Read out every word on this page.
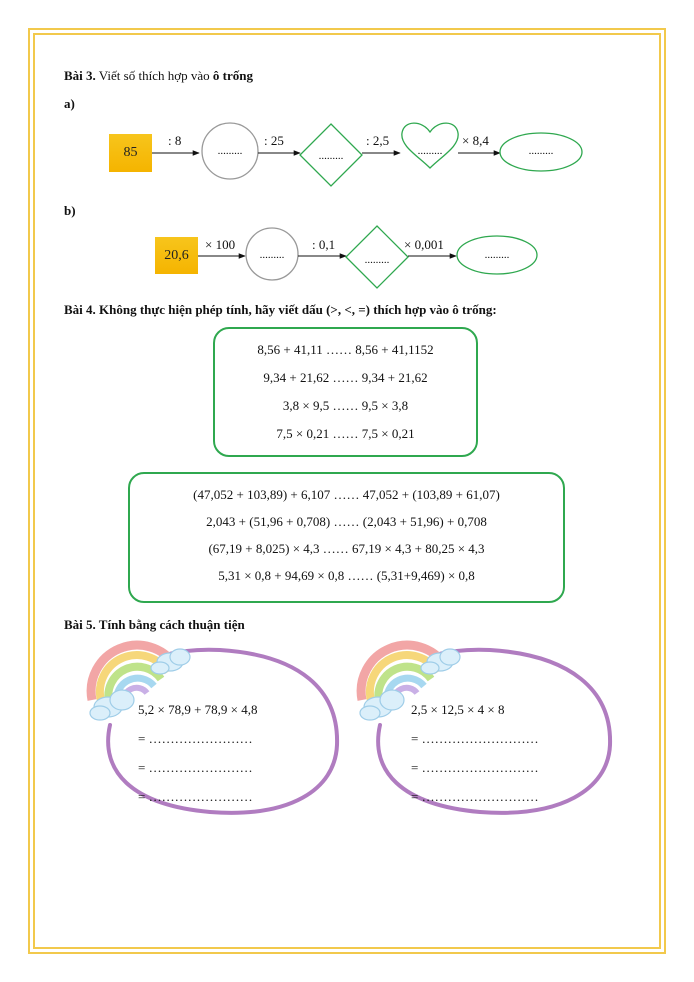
Bài 3. Viết số thích hợp vào ô trống
a)
85
: 8	: 25	: 2,5	× 8,4
.........	.........	.........	.........
b)
20,6
× 100	: 0,1	× 0,001
.........	.........	.........
Bài 4. Không thực hiện phép tính, hãy viết dấu (>, <, =) thích hợp vào ô trống:
8,56 + 41,11 …… 8,56 + 41,1152
9,34 + 21,62 …… 9,34 + 21,62
3,8 × 9,5 …… 9,5 × 3,8
7,5 × 0,21 …… 7,5 × 0,21
(47,052 + 103,89) + 6,107 …… 47,052 + (103,89 + 61,07)
2,043 + (51,96 + 0,708) …… (2,043 + 51,96) + 0,708
(67,19 + 8,025) × 4,3 …… 67,19 × 4,3 + 80,25 × 4,3
5,31 × 0,8 + 94,69 × 0,8 …… (5,31+9,469) × 0,8
Bài 5. Tính bằng cách thuận tiện
5,2 × 78,9 + 78,9 × 4,8
= ……………………
= ……………………
= ……………………
2,5 × 12,5 × 4 × 8
= ………………………
= ………………………
= ………………………
